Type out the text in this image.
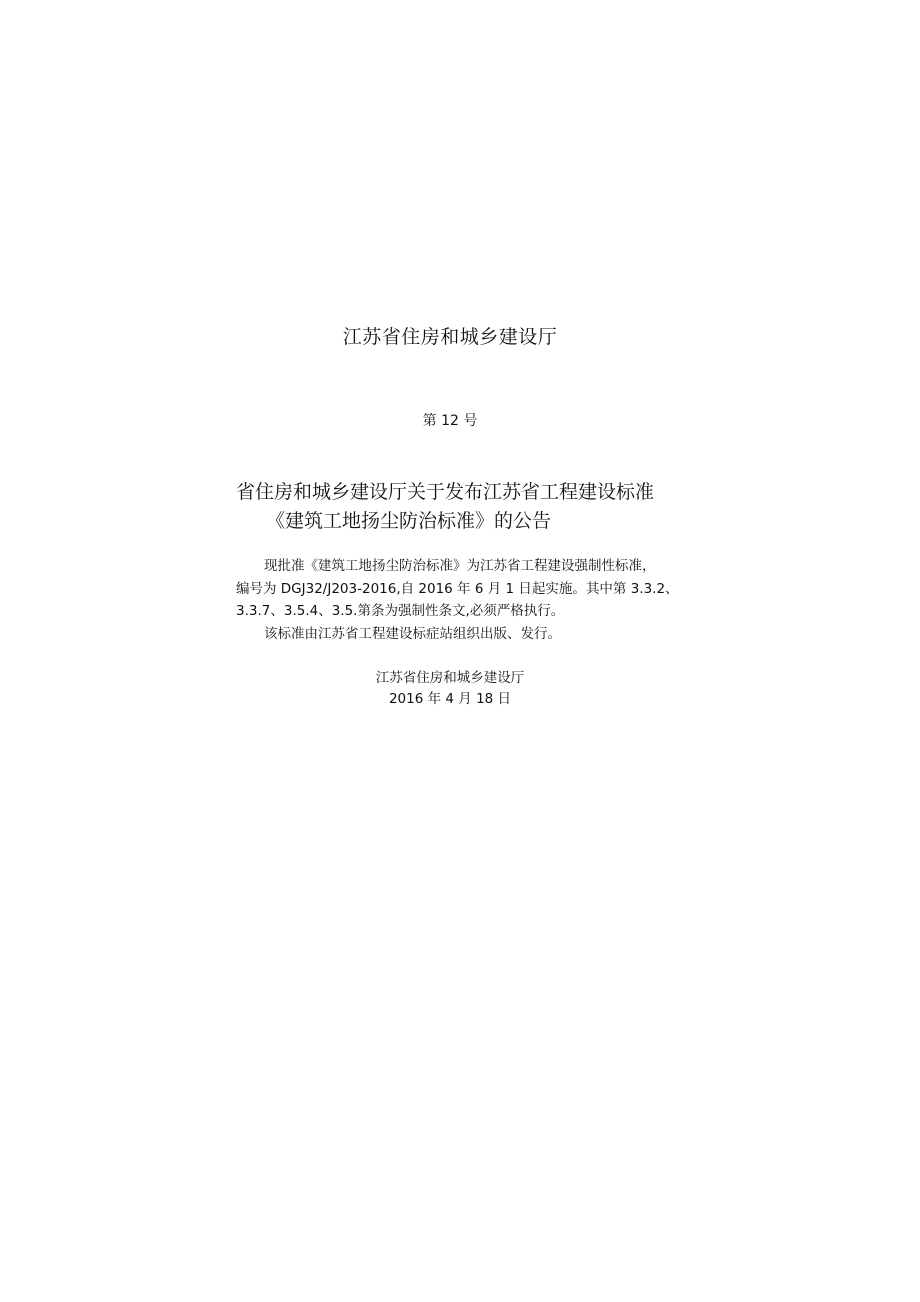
江苏省住房和城乡建设厅
第 12 号
省住房和城乡建设厅关于发布江苏省工程建设标准
《建筑工地扬尘防治标准》的公告
现批准《建筑工地扬尘防治标准》为江苏省工程建设强制性标准，
编号为 DGJ32/J203-2016,自 2016 年 6 月 1 日起实施。其中第 3.3.2、
3.3.7、3.5.4、3.5.第条为强制性条文,必须严格执行。
该标准由江苏省工程建设标症站组织出版、发行。
江苏省住房和城乡建设厅
2016 年 4 月 18 日
